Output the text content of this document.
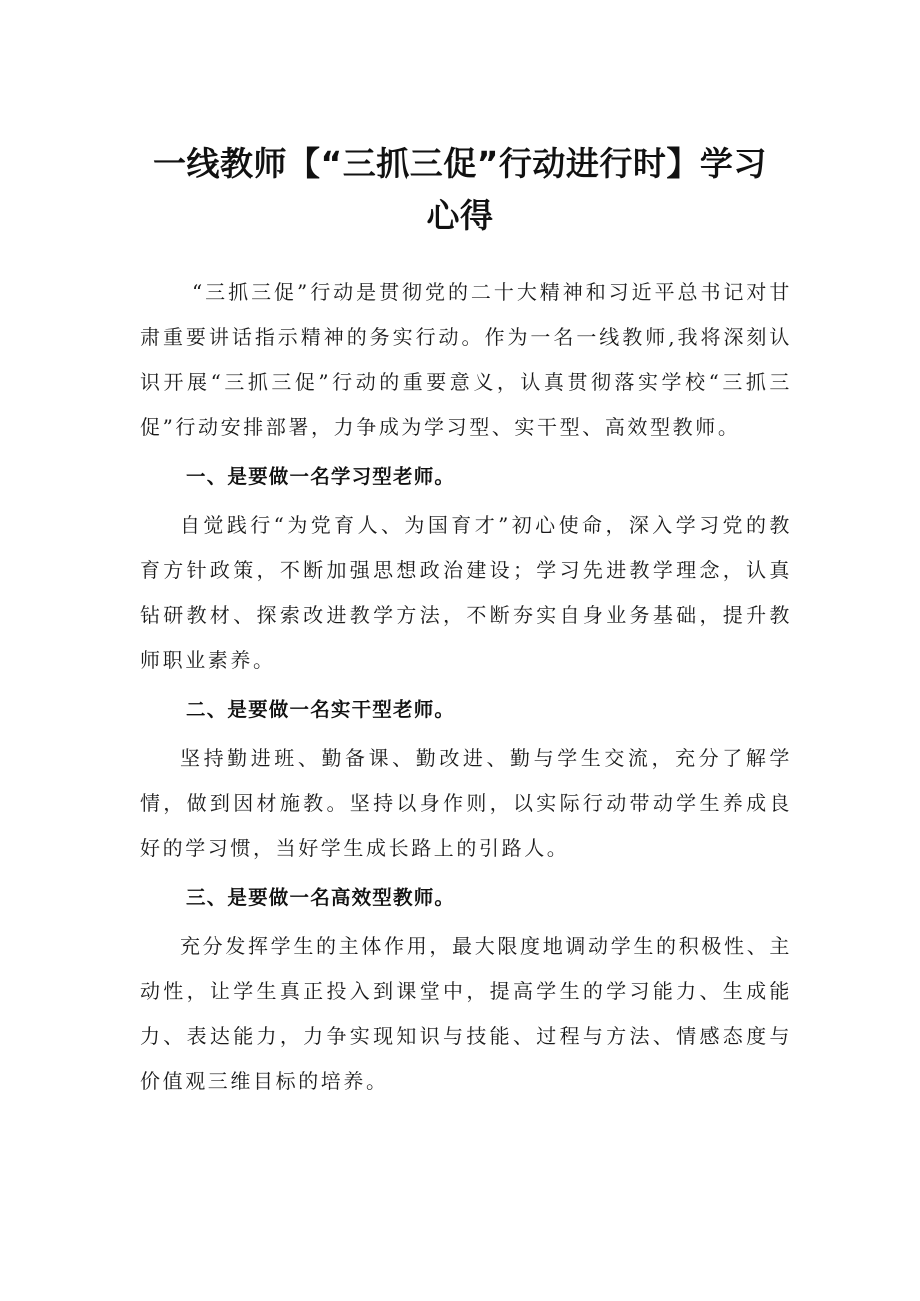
一线教师【“三抓三促”行动进行时】学习
心得

“三抓三促”行动是贯彻党的二十大精神和习近平总书记对甘肃重要讲话指示精神的务实行动。作为一名一线教师,我将深刻认识开展“三抓三促”行动的重要意义，认真贯彻落实学校“三抓三促”行动安排部署，力争成为学习型、实干型、高效型教师。

一、是要做一名学习型老师。

自觉践行“为党育人、为国育才”初心使命，深入学习党的教育方针政策，不断加强思想政治建设；学习先进教学理念，认真钻研教材、探索改进教学方法，不断夯实自身业务基础，提升教师职业素养。

二、是要做一名实干型老师。

坚持勤进班、勤备课、勤改进、勤与学生交流，充分了解学情，做到因材施教。坚持以身作则，以实际行动带动学生养成良好的学习惯，当好学生成长路上的引路人。

三、是要做一名高效型教师。

充分发挥学生的主体作用，最大限度地调动学生的积极性、主动性，让学生真正投入到课堂中，提高学生的学习能力、生成能力、表达能力，力争实现知识与技能、过程与方法、情感态度与价值观三维目标的培养。
